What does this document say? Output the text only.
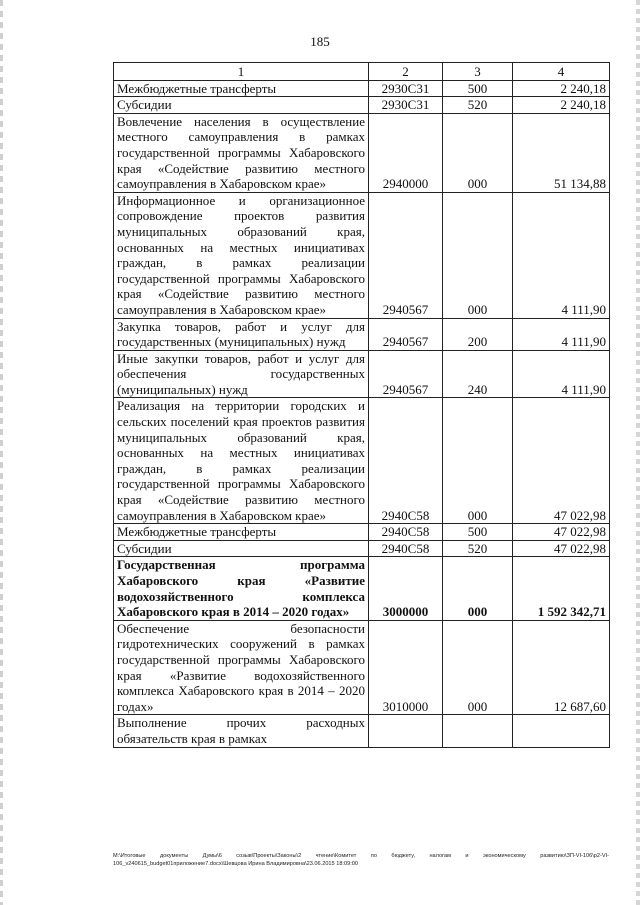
185
1	2	3	4
Межбюджетные трансферты	2930С31	500	2 240,18
Субсидии	2930С31	520	2 240,18
Вовлечение населения в осуществление местного самоуправления в рамках государственной программы Хабаровского края «Содействие развитию местного самоуправления в Хабаровском крае»	2940000	000	51 134,88
Информационное и организационное сопровождение проектов развития муниципальных образований края, основанных на местных инициативах граждан, в рамках реализации государственной программы Хабаровского края «Содействие развитию местного самоуправления в Хабаровском крае»	2940567	000	4 111,90
Закупка товаров, работ и услуг для государственных (муниципальных) нужд	2940567	200	4 111,90
Иные закупки товаров, работ и услуг для обеспечения государственных (муниципальных) нужд	2940567	240	4 111,90
Реализация на территории городских и сельских поселений края проектов развития муниципальных образований края, основанных на местных инициативах граждан, в рамках реализации государственной программы Хабаровского края «Содействие развитию местного самоуправления в Хабаровском крае»	2940С58	000	47 022,98
Межбюджетные трансферты	2940С58	500	47 022,98
Субсидии	2940С58	520	47 022,98
Государственная программа Хабаровского края «Развитие водохозяйственного комплекса Хабаровского края в 2014 – 2020 годах»	3000000	000	1 592 342,71
Обеспечение безопасности гидротехнических сооружений в рамках государственной программы Хабаровского края «Развитие водохозяйственного комплекса Хабаровского края в 2014 – 2020 годах»	3010000	000	12 687,60
Выполнение прочих расходных обязательств края в рамках			
M:\Итоговые документы Думы\6 созыв\Проекты\Законы\2 чтение\Комитет по бюджету, налогам и экономическому развитию\ЗП-VI-106\р2-VI-106_v240615_budget01приложение7.docx\Шевцова Ирина Владимировна\23.06.2015 18:09:00
